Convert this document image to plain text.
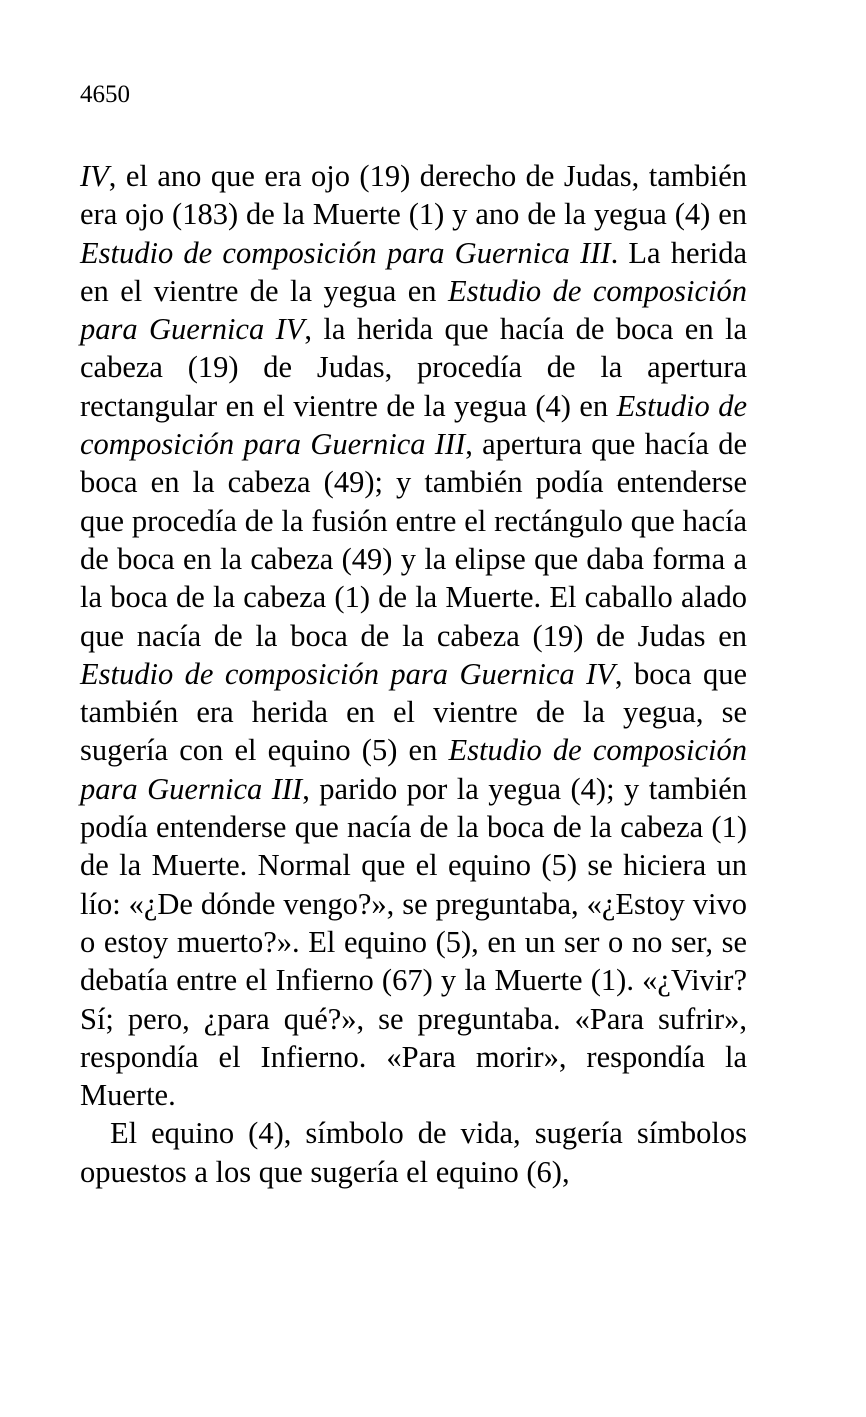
4650

IV, el ano que era ojo (19) derecho de Judas, también era ojo (183) de la Muerte (1) y ano de la yegua (4) en Estudio de composición para Guernica III. La herida en el vientre de la yegua en Estudio de composición para Guernica IV, la herida que hacía de boca en la cabeza (19) de Judas, procedía de la apertura rectangular en el vientre de la yegua (4) en Estudio de composición para Guernica III, apertura que hacía de boca en la cabeza (49); y también podía entenderse que procedía de la fusión entre el rectángulo que hacía de boca en la cabeza (49) y la elipse que daba forma a la boca de la cabeza (1) de la Muerte. El caballo alado que nacía de la boca de la cabeza (19) de Judas en Estudio de composición para Guernica IV, boca que también era herida en el vientre de la yegua, se sugería con el equino (5) en Estudio de composición para Guernica III, parido por la yegua (4); y también podía entenderse que nacía de la boca de la cabeza (1) de la Muerte. Normal que el equino (5) se hiciera un lío: «¿De dónde vengo?», se preguntaba, «¿Estoy vivo o estoy muerto?». El equino (5), en un ser o no ser, se debatía entre el Infierno (67) y la Muerte (1). «¿Vivir? Sí; pero, ¿para qué?», se preguntaba. «Para sufrir», respondía el Infierno. «Para morir», respondía la Muerte.

El equino (4), símbolo de vida, sugería símbolos opuestos a los que sugería el equino (6),
